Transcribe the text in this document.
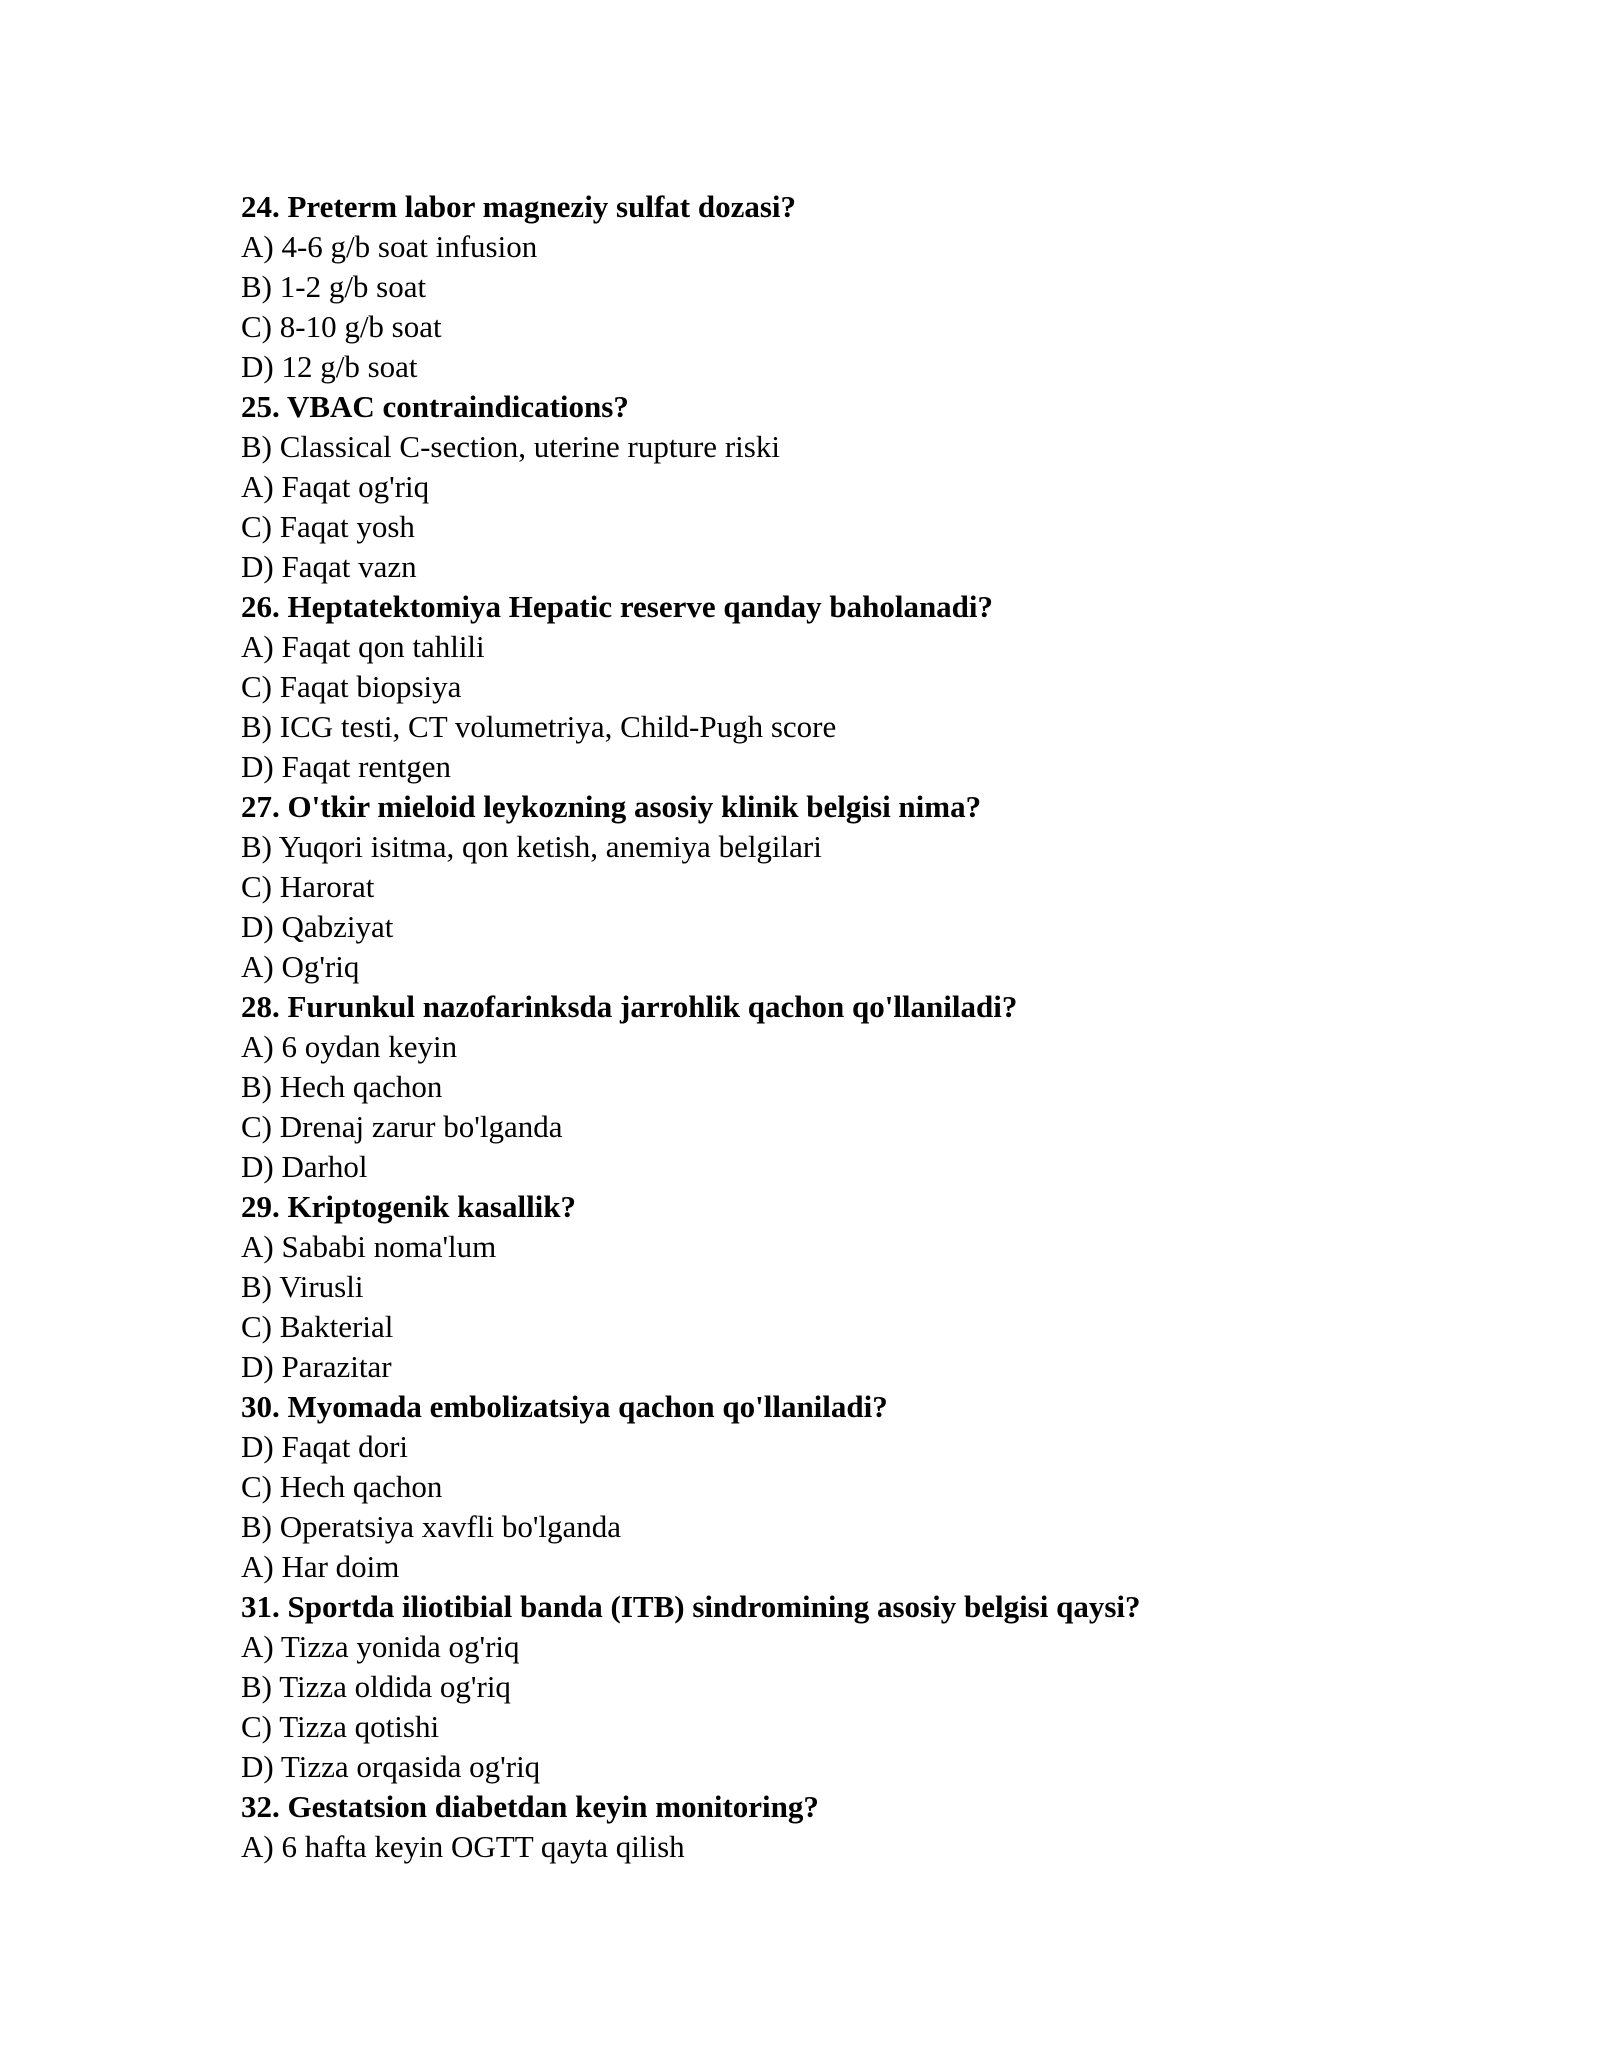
24. Preterm labor magneziy sulfat dozasi?
A) 4-6 g/b soat infusion
B) 1-2 g/b soat
C) 8-10 g/b soat
D) 12 g/b soat
25. VBAC contraindications?
B) Classical C-section, uterine rupture riski
A) Faqat og'riq
C) Faqat yosh
D) Faqat vazn
26. Heptatektomiya Hepatic reserve qanday baholanadi?
A) Faqat qon tahlili
C) Faqat biopsiya
B) ICG testi, CT volumetriya, Child-Pugh score
D) Faqat rentgen
27. O'tkir mieloid leykozning asosiy klinik belgisi nima?
B) Yuqori isitma, qon ketish, anemiya belgilari
C) Harorat
D) Qabziyat
A) Og'riq
28. Furunkul nazofarinksda jarrohlik qachon qo'llaniladi?
A) 6 oydan keyin
B) Hech qachon
C) Drenaj zarur bo'lganda
D) Darhol
29. Kriptogenik kasallik?
A) Sababi noma'lum
B) Virusli
C) Bakterial
D) Parazitar
30. Myomada embolizatsiya qachon qo'llaniladi?
D) Faqat dori
C) Hech qachon
B) Operatsiya xavfli bo'lganda
A) Har doim
31. Sportda iliotibial banda (ITB) sindromining asosiy belgisi qaysi?
A) Tizza yonida og'riq
B) Tizza oldida og'riq
C) Tizza qotishi
D) Tizza orqasida og'riq
32. Gestatsion diabetdan keyin monitoring?
A) 6 hafta keyin OGTT qayta qilish
